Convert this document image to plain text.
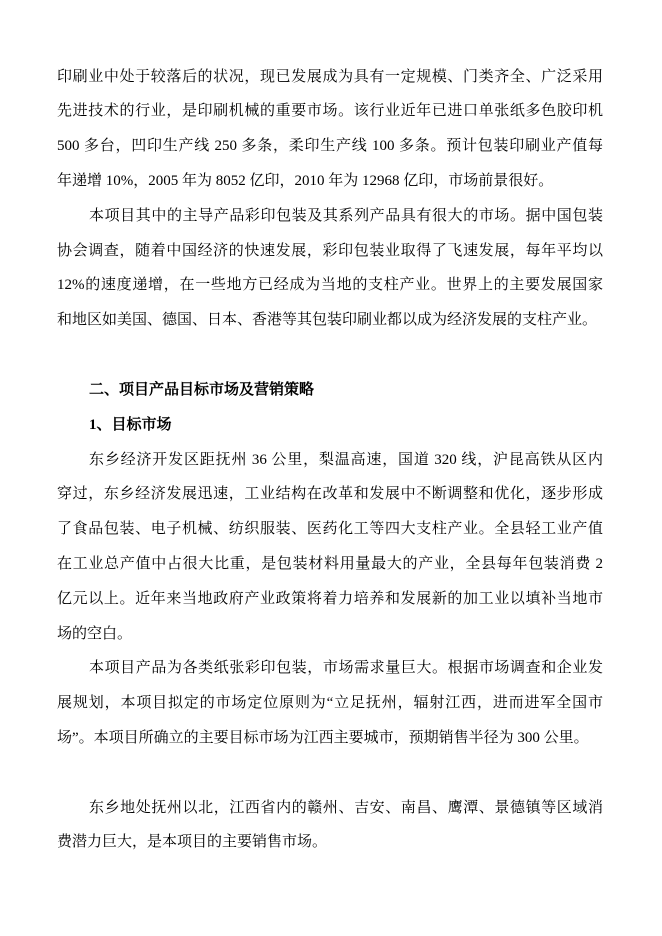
印刷业中处于较落后的状况，现已发展成为具有一定规模、门类齐全、广泛采用
先进技术的行业，是印刷机械的重要市场。该行业近年已进口单张纸多色胶印机
500 多台，凹印生产线 250 多条，柔印生产线 100 多条。预计包装印刷业产值每
年递增 10%，2005 年为 8052 亿印，2010 年为 12968 亿印，市场前景很好。
本项目其中的主导产品彩印包装及其系列产品具有很大的市场。据中国包装
协会调查，随着中国经济的快速发展，彩印包装业取得了飞速发展，每年平均以
12%的速度递增，在一些地方已经成为当地的支柱产业。世界上的主要发展国家
和地区如美国、德国、日本、香港等其包装印刷业都以成为经济发展的支柱产业。
二、项目产品目标市场及营销策略
1、目标市场
东乡经济开发区距抚州 36 公里，梨温高速，国道 320 线，沪昆高铁从区内
穿过，东乡经济发展迅速，工业结构在改革和发展中不断调整和优化，逐步形成
了食品包装、电子机械、纺织服装、医药化工等四大支柱产业。全县轻工业产值
在工业总产值中占很大比重，是包装材料用量最大的产业，全县每年包装消费 2
亿元以上。近年来当地政府产业政策将着力培养和发展新的加工业以填补当地市
场的空白。
本项目产品为各类纸张彩印包装，市场需求量巨大。根据市场调查和企业发
展规划，本项目拟定的市场定位原则为“立足抚州，辐射江西，进而进军全国市
场”。本项目所确立的主要目标市场为江西主要城市，预期销售半径为 300 公里。
东乡地处抚州以北，江西省内的赣州、吉安、南昌、鹰潭、景德镇等区域消
费潜力巨大，是本项目的主要销售市场。
